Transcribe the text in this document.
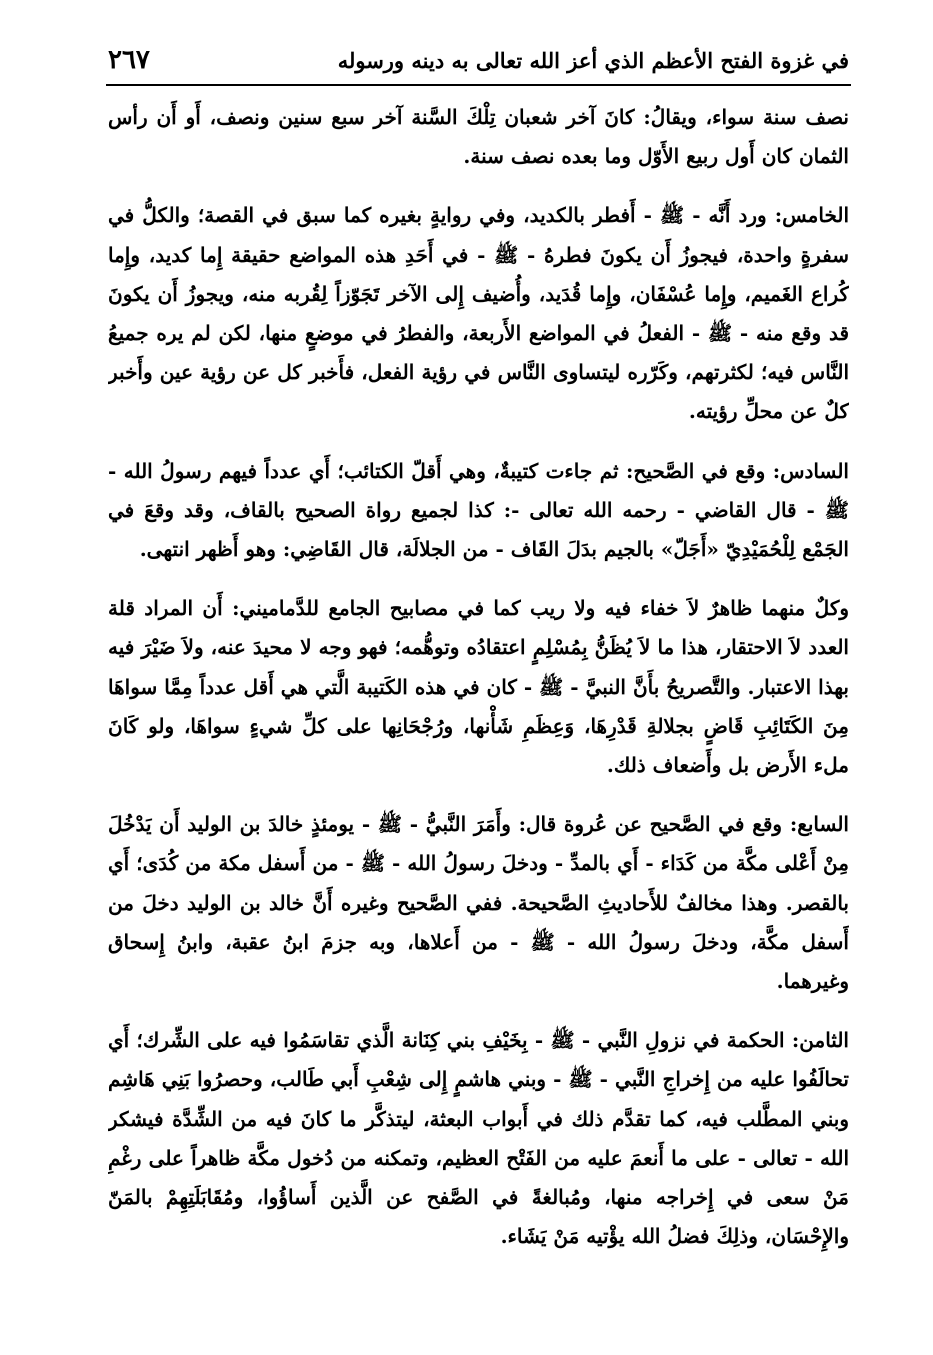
٢٦٧	في غزوة الفتح الأعظم الذي أعز الله تعالى به دينه ورسوله

نصف سنة سواء، ويقالُ: كانَ آخر شعبان تِلْكَ السَّنة آخر سبع سنين ونصف، أَو أَن رأس الثمان كان أَول ربيع الأَوّل وما بعده نصف سنة.

الخامس: ورد أَنَّه - ﷺ - أَفطر بالكديد، وفي روايةٍ بغيره كما سبق في القصة؛ والكلُّ في سفرةٍ واحدة، فيجوزُ أَن يكونَ فطرهُ - ﷺ - في أَحَدِ هذه المواضع حقيقة إِما كديد، وإِما كُراع الغَميم، وإِما عُسْفَان، وإِما قُدَيد، وأُضيف إِلى الآخر تَجَوّزاً لِقُربه منه، ويجوزُ أَن يكونَ قد وقع منه - ﷺ - الفعلُ في المواضع الأَربعة، والفطرُ في موضعٍ منها، لكن لم يره جميعُ النَّاس فيه؛ لكثرتهم، وكَرّره ليتساوى النَّاس في رؤية الفعل، فأَخبر كل عن رؤية عين وأَخبر كلٌ عن محلِّ رؤيته.

السادس: وقع في الصَّحيح: ثم جاءت كتيبةٌ، وهي أَقلّ الكتائب؛ أَي عدداً فيهم رسولُ الله - ﷺ - قال القاضي - رحمه الله تعالى -: كذا لجميع رواة الصحيح بالقاف، وقد وقعَ في الجَمْع لِلْحُمَيْدِيّ «أَجَلّ» بالجيم بدَلَ القَاف - من الجلالَة، قال القَاضِي: وهو أَظهر انتهى.

وكلٌ منهما ظاهرٌ لاَ خفاء فيه ولا ريب كما في مصابيح الجامع للدَّماميني: أَن المراد قلة العدد لاَ الاحتقار، هذا ما لاَ يُظَنُّ بِمُسْلِمٍ اعتقادُه وتوهُّمه؛ فهو وجه لا محيدَ عنه، ولاَ ضَيْرَ فيه بهذا الاعتبار. والتَّصريحُ بأَنَّ النبيَّ - ﷺ - كان في هذه الكَتيبة الَّتي هي أَقل عدداً مِمَّا سواهَا مِنَ الكَتَائِبِ قَاضٍ بجلالةِ قَدْرِهَا، وَعِظَمِ شَأْنها، ورُجْحَانِها على كلِّ شيءٍ سواهَا، ولو كَانَ ملء الأَرض بل وأَضعاف ذلك.

السابع: وقع في الصَّحيح عن عُروة قال: وأَمَرَ النَّبيُّ - ﷺ - يومئذٍ خالدَ بن الوليد أَن يَدْخُلَ مِنْ أَعْلى مكَّة من كَدَاء - أَي بالمدِّ - ودخلَ رسولُ الله - ﷺ - من أَسفل مكة من كُدَى؛ أَي بالقصر. وهذا مخالفٌ للأَحاديثِ الصَّحيحة. ففي الصَّحيح وغيره أَنَّ خالد بن الوليد دخلَ من أَسفل مكَّة، ودخلَ رسولُ الله - ﷺ - من أَعلاها، وبه جزمَ ابنُ عقبة، وابنُ إِسحاق وغيرهما.

الثامن: الحكمة في نزولِ النَّبي - ﷺ - بِخَيْفِ بني كِنَانة الَّذي تقاسَمُوا فيه على الشِّرك؛ أَي تحالَفُوا عليه من إِخراجِ النَّبي - ﷺ - وبني هاشمٍ إِلى شِعْبِ أَبي طَالب، وحصرُوا بَنِي هَاشِم وبني المطَّلب فيه، كما تقدَّم ذلك في أَبواب البعثة، ليتذكَّر ما كانَ فيه من الشِّدَّة فيشكر الله - تعالى - على ما أَنعمَ عليه من الفَتْح العظيم، وتمكنه من دُخول مكَّة ظاهراً على رغْمِ مَنْ سعى في إِخراجه منها، ومُبالغةً في الصَّفح عن الَّذين أَساؤُوا، ومُقَابَلَتِهِمْ بالمَنّ والإِحْسَان، وذلِكَ فضلُ الله يؤْتيه مَنْ يَشَاء.
